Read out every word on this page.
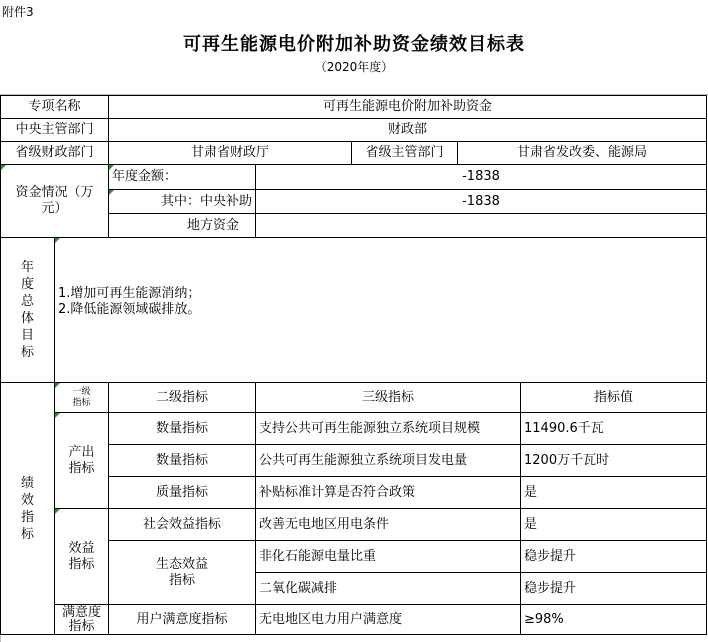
附件3
可再生能源电价附加补助资金绩效目标表
（2020年度）
专项名称		可再生能源电价附加补助资金				
中央主管部门		财政部				
省级财政部门		甘肃省财政厅		省级主管部门	甘肃省发改委、能源局	

资金情况（万元）		年度金额：	-1838			
		其中：中央补助	-1838			
		地方资金				

年度总体目标	1.增加可再生能源消纳；
2.降低能源领域碳排放。					

绩效指标	一级指标	二级指标	三级指标			指标值

	产出指标	数量指标	支持公共可再生能源独立系统项目规模			11490.6千瓦
		数量指标	公共可再生能源独立系统项目发电量			1200万千瓦时
		质量指标	补贴标准计算是否符合政策			是

	效益指标	社会效益指标	改善无电地区用电条件			是

		生态效益指标	非化石能源电量比重			稳步提升
			二氧化碳减排			稳步提升

	满意度指标	用户满意度指标	无电地区电力用户满意度			≥98%
